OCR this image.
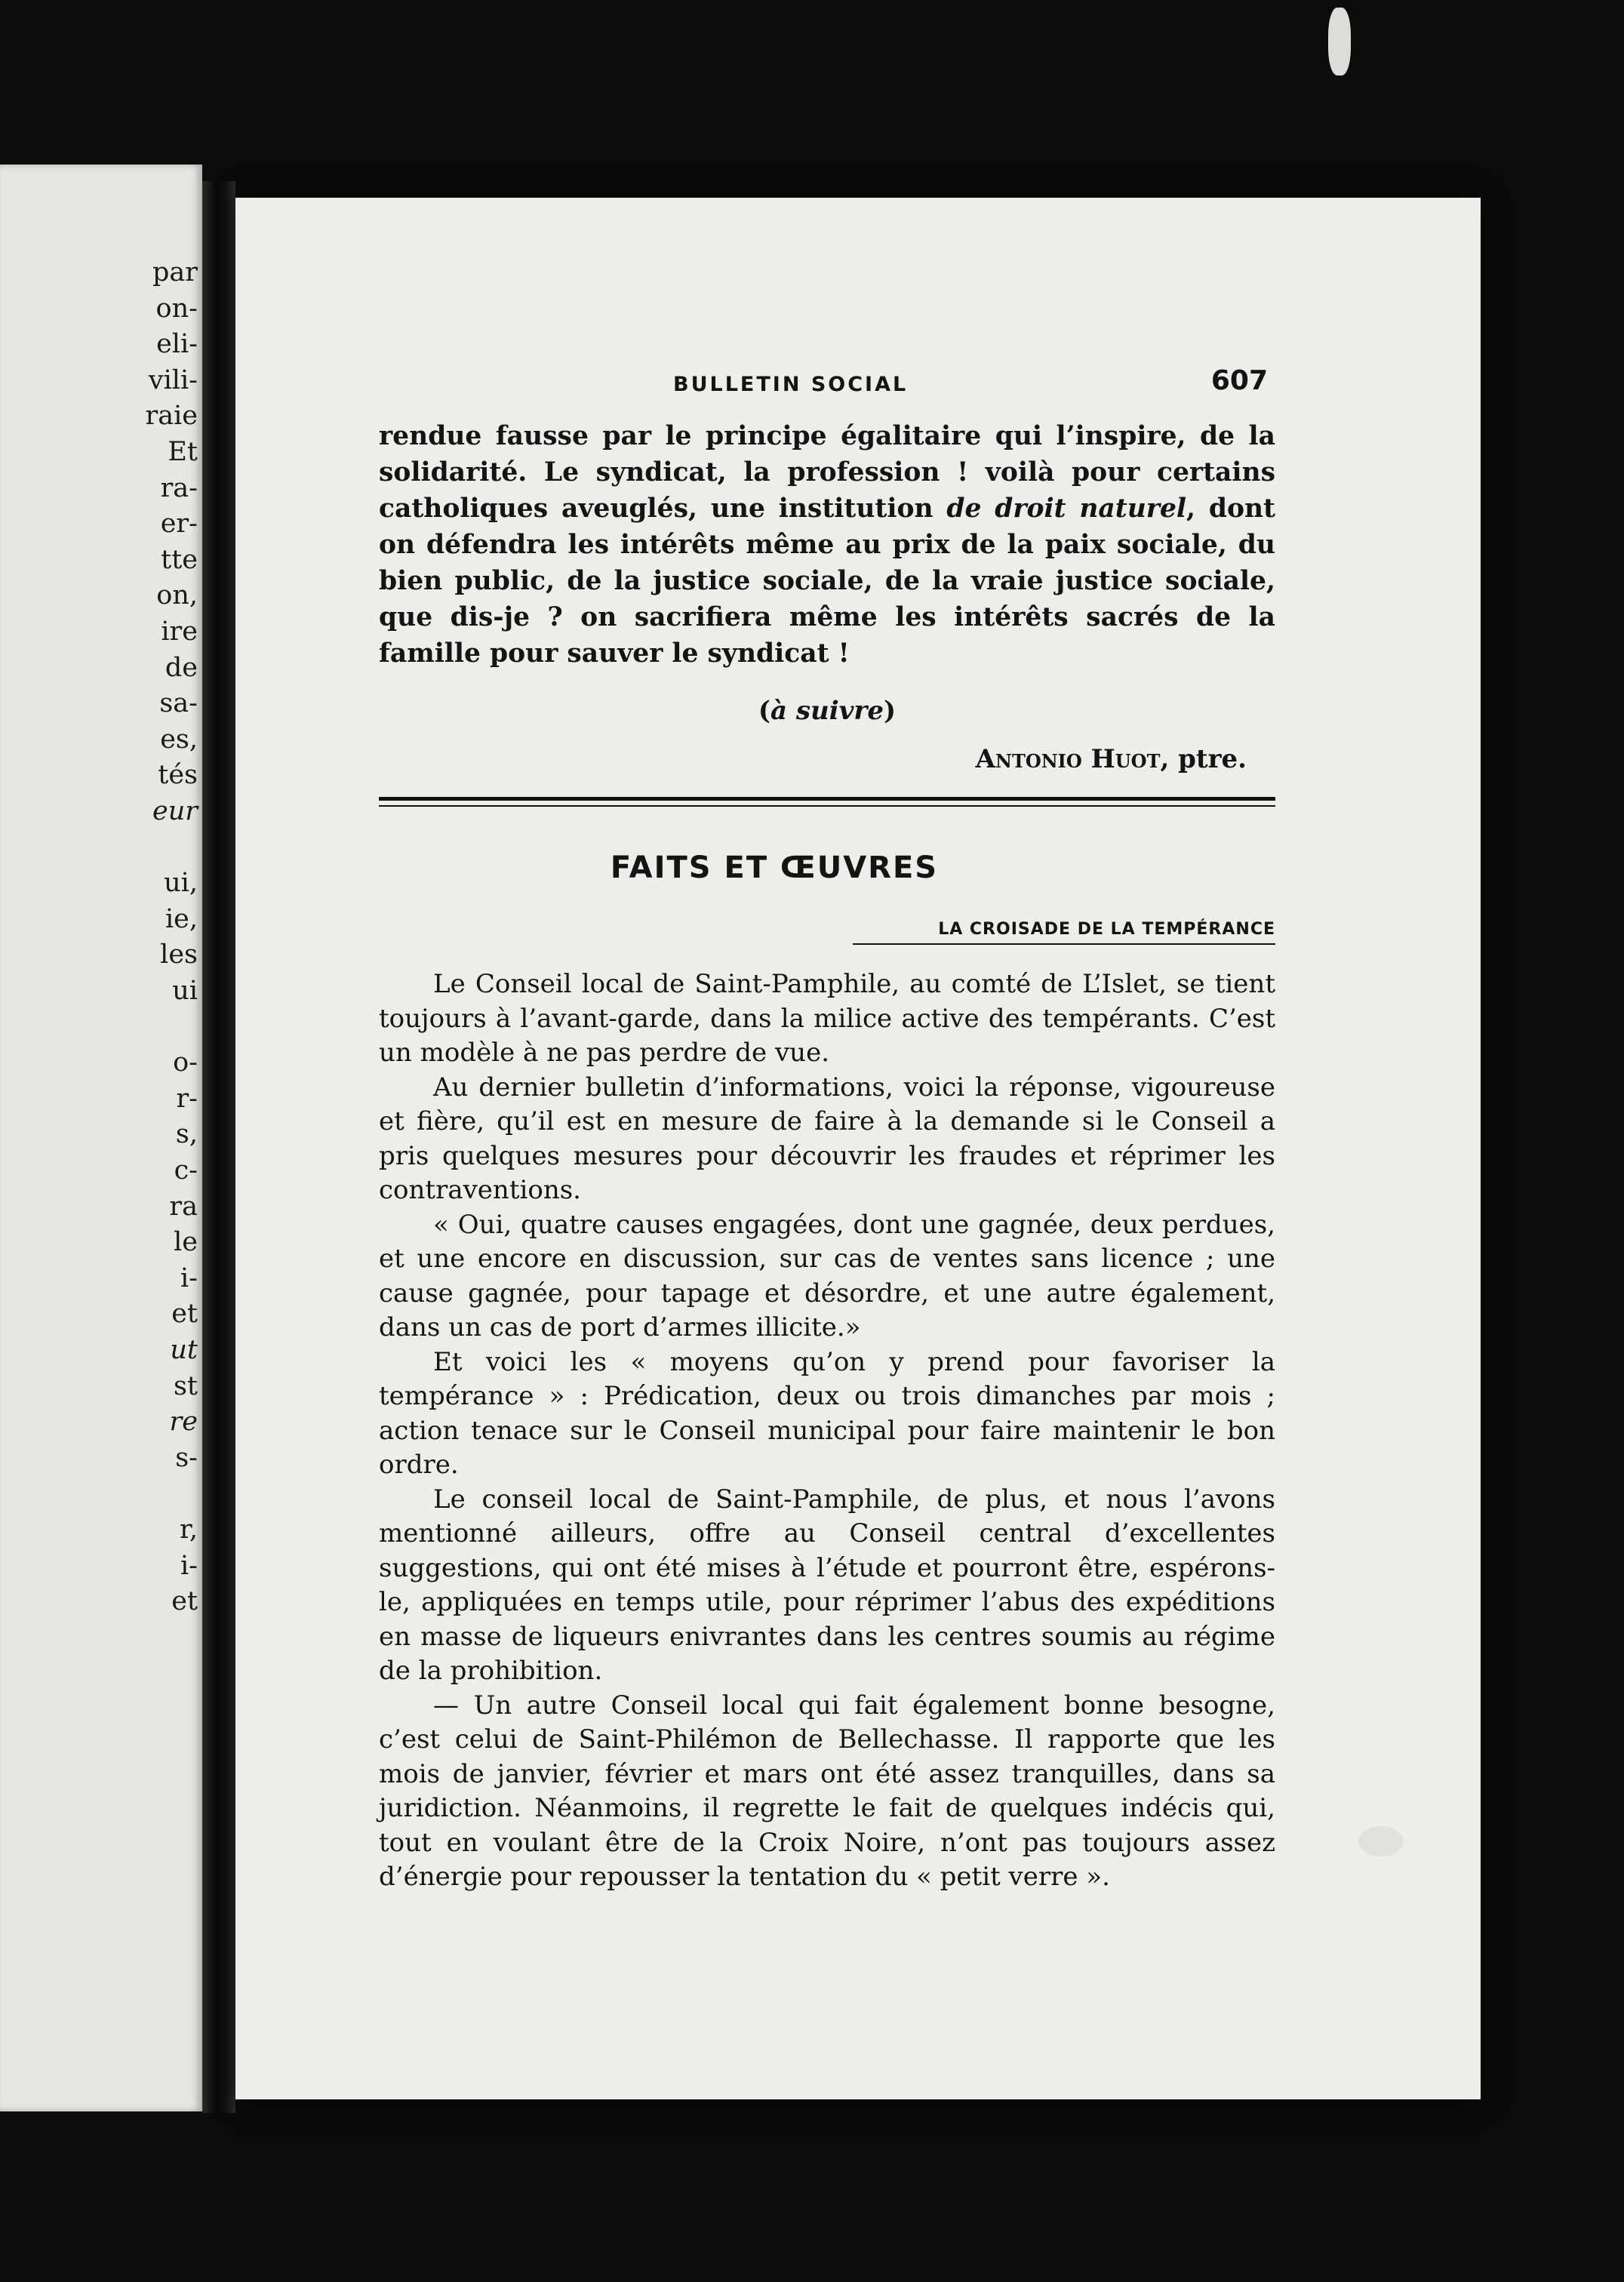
par
on-
eli-
vili-
raie
Et
ra-
er-
tte
on,
ire
de
sa-
es,
tés
eur
ui,
ie,
les
ui
o-
r-
s,
c-
ra
le
i-
et
ut
st
re
s-
r,
i-
et
BULLETIN SOCIAL	607

rendue fausse par le principe égalitaire qui l’inspire, de la solidarité. Le syndicat, la profession ! voilà pour certains catholiques aveuglés, une institution de droit naturel, dont on défendra les intérêts même au prix de la paix sociale, du bien public, de la justice sociale, de la vraie justice sociale, que dis-je ? on sacrifiera même les intérêts sacrés de la famille pour sauver le syndicat !

(à suivre)
Antonio Huot, ptre.
FAITS ET ŒUVRES
LA CROISADE DE LA TEMPÉRANCE

Le Conseil local de Saint-Pamphile, au comté de L’Islet, se tient toujours à l’avant-garde, dans la milice active des tempérants. C’est un modèle à ne pas perdre de vue.

Au dernier bulletin d’informations, voici la réponse, vigoureuse et fière, qu’il est en mesure de faire à la demande si le Conseil a pris quelques mesures pour découvrir les fraudes et réprimer les contraventions.

« Oui, quatre causes engagées, dont une gagnée, deux perdues, et une encore en discussion, sur cas de ventes sans licence ; une cause gagnée, pour tapage et désordre, et une autre également, dans un cas de port d’armes illicite.»

Et voici les « moyens qu’on y prend pour favoriser la tempérance » : Prédication, deux ou trois dimanches par mois ; action tenace sur le Conseil municipal pour faire maintenir le bon ordre.

Le conseil local de Saint-Pamphile, de plus, et nous l’avons mentionné ailleurs, offre au Conseil central d’excellentes suggestions, qui ont été mises à l’étude et pourront être, espérons-le, appliquées en temps utile, pour réprimer l’abus des expéditions en masse de liqueurs enivrantes dans les centres soumis au régime de la prohibition.

— Un autre Conseil local qui fait également bonne besogne, c’est celui de Saint-Philémon de Bellechasse. Il rapporte que les mois de janvier, février et mars ont été assez tranquilles, dans sa juridiction. Néanmoins, il regrette le fait de quelques indécis qui, tout en voulant être de la Croix Noire, n’ont pas toujours assez d’énergie pour repousser la tentation du « petit verre ».
